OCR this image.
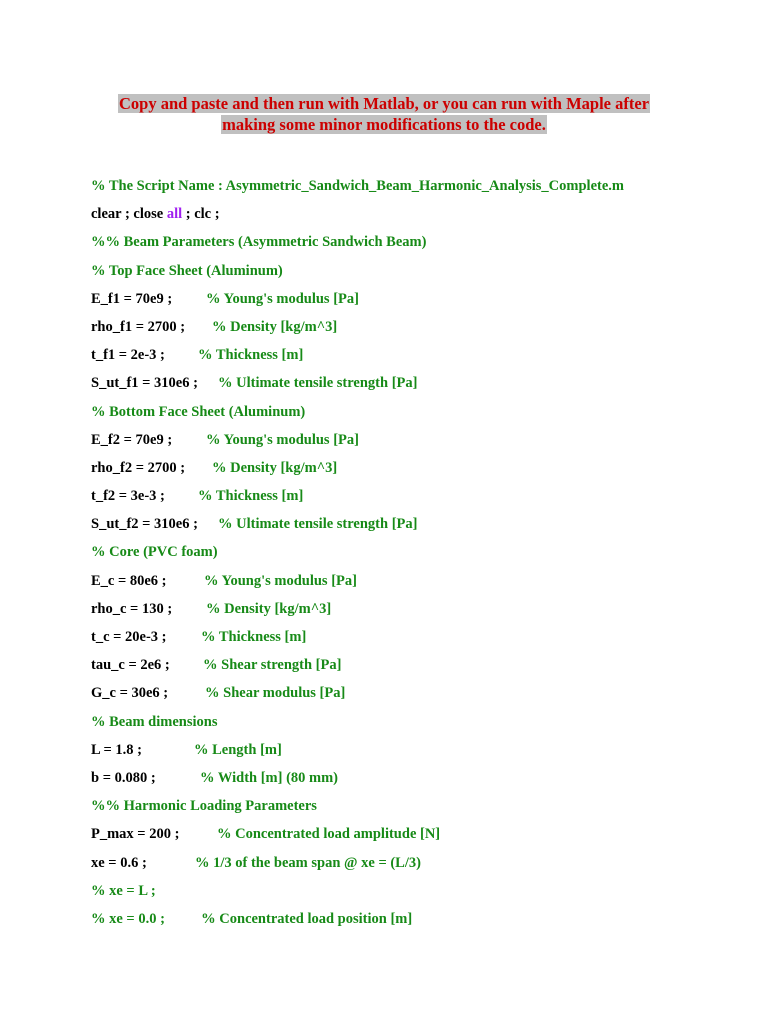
Copy and paste and then run with Matlab, or you can run with Maple after
making some minor modifications to the code.
% The Script Name : Asymmetric_Sandwich_Beam_Harmonic_Analysis_Complete.m
clear ; close all ; clc ;
%% Beam Parameters (Asymmetric Sandwich Beam)
% Top Face Sheet (Aluminum)
E_f1 = 70e9 ; % Young's modulus [Pa]
rho_f1 = 2700 ; % Density [kg/m^3]
t_f1 = 2e-3 ; % Thickness [m]
S_ut_f1 = 310e6 ; % Ultimate tensile strength [Pa]
% Bottom Face Sheet (Aluminum)
E_f2 = 70e9 ; % Young's modulus [Pa]
rho_f2 = 2700 ; % Density [kg/m^3]
t_f2 = 3e-3 ; % Thickness [m]
S_ut_f2 = 310e6 ; % Ultimate tensile strength [Pa]
% Core (PVC foam)
E_c = 80e6 ;	% Young's modulus [Pa]
rho_c = 130 ; % Density [kg/m^3]
t_c = 20e-3 ; % Thickness [m]
tau_c = 2e6 ; % Shear strength [Pa]
G_c = 30e6 ;	% Shear modulus [Pa]
% Beam dimensions
L = 1.8 ;	% Length [m]
b = 0.080 ;	% Width [m] (80 mm)
%% Harmonic Loading Parameters
P_max = 200 ;	% Concentrated load amplitude [N]
xe = 0.6 ;	% 1/3 of the beam span @ xe = (L/3)
% xe = L ;
% xe = 0.0 ;          % Concentrated load position [m]
